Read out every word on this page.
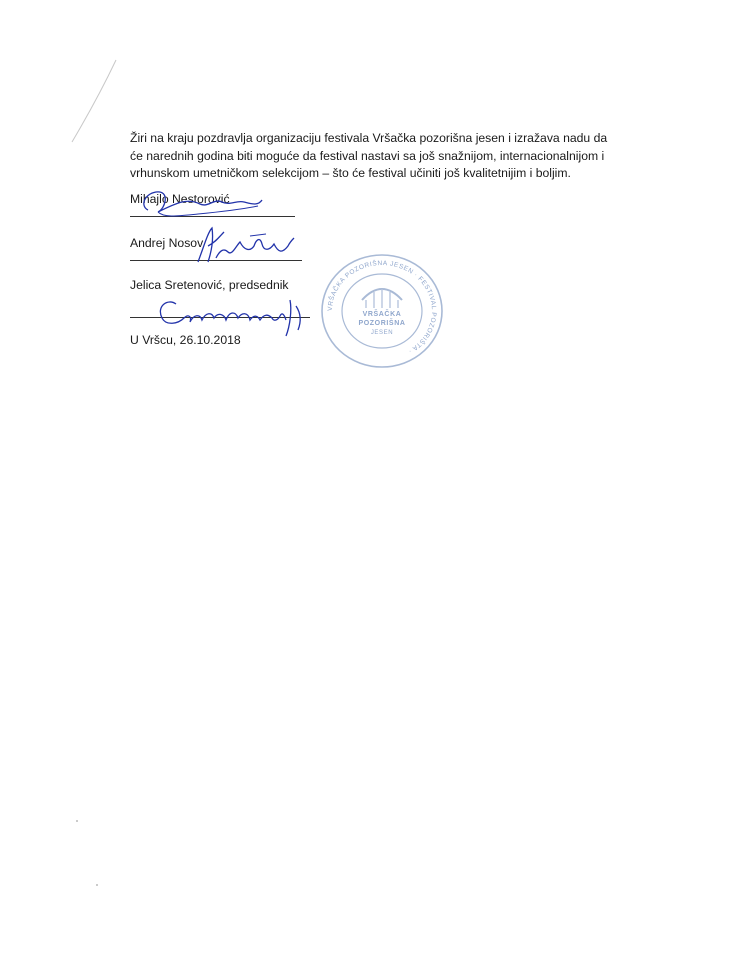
Žiri na kraju pozdravlja organizaciju festivala Vršačka pozorišna jesen i izražava nadu da
će narednih godina biti moguće da festival nastavi sa još snažnijom, internacionalnijom i
vrhunskom umetničkom selekcijom – što će festival učiniti još kvalitetnijim i boljim.

Mihajlo Nestorović
Andrej Nosov
Jelica Sretenović, predsednik
U Vršcu, 26.10.2018
VRŠAČKA POZORIŠNA JESEN · FESTIVAL POZORIŠTA ·
VRŠAČKA
POZORIŠNA
JESEN
